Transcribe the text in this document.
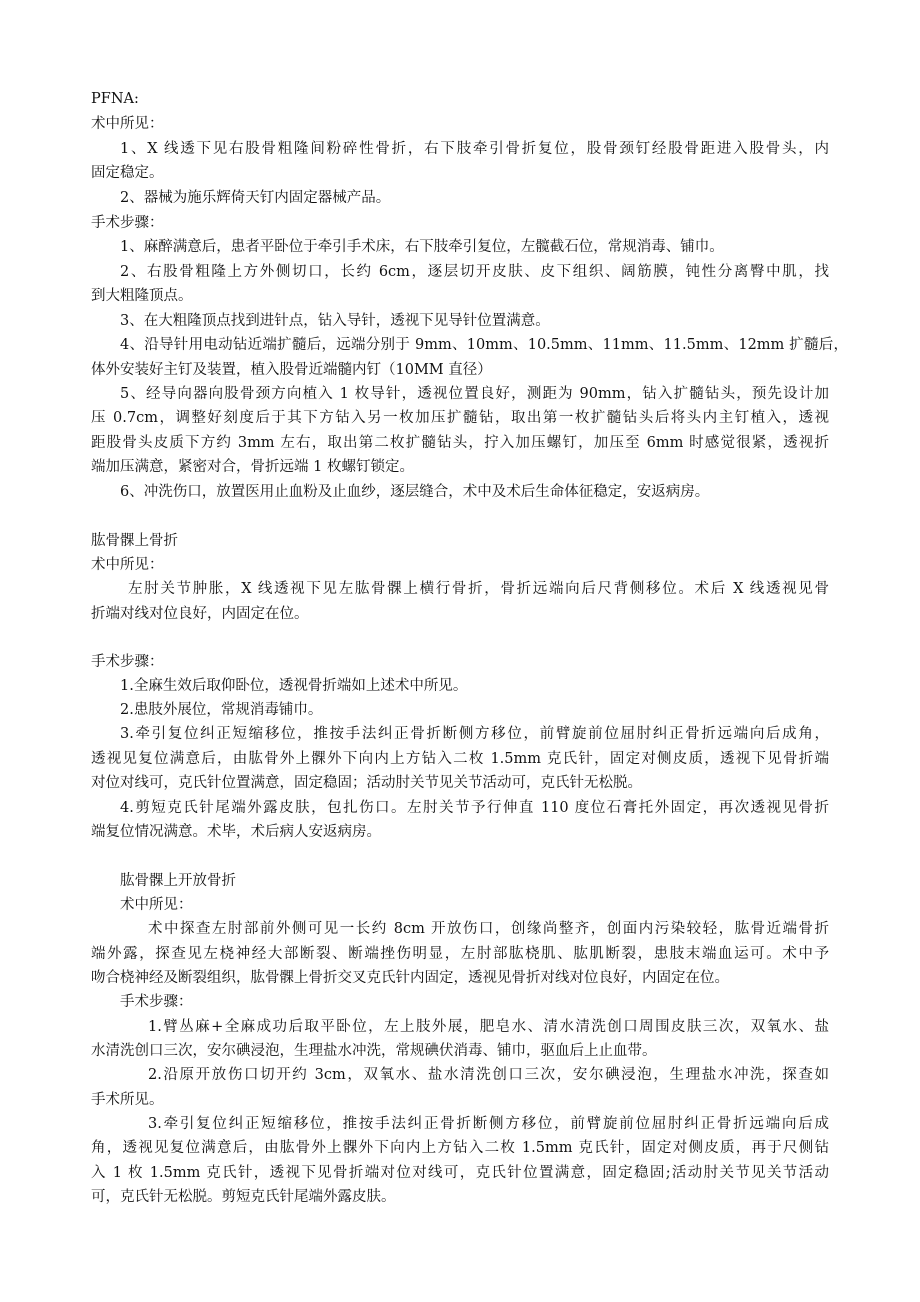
PFNA:
术中所见：
1、X 线透下见右股骨粗隆间粉碎性骨折，右下肢牵引骨折复位，股骨颈钉经股骨距进入股骨头，内
固定稳定。
2、器械为施乐辉倚天钉内固定器械产品。
手术步骤：
1、麻醉满意后，患者平卧位于牵引手术床，右下肢牵引复位，左髋截石位，常规消毒、铺巾。
2、右股骨粗隆上方外侧切口，长约 6cm，逐层切开皮肤、皮下组织、阔筋膜，钝性分离臀中肌，找
到大粗隆顶点。
3、在大粗隆顶点找到进针点，钻入导针，透视下见导针位置满意。
4、沿导针用电动钻近端扩髓后，远端分别于 9mm、10mm、10.5mm、11mm、11.5mm、12mm 扩髓后，
体外安装好主钉及装置，植入股骨近端髓内钉（10MM 直径）
5、经导向器向股骨颈方向植入 1 枚导针，透视位置良好，测距为 90mm，钻入扩髓钻头，预先设计加
压 0.7cm，调整好刻度后于其下方钻入另一枚加压扩髓钻，取出第一枚扩髓钻头后将头内主钉植入，透视
距股骨头皮质下方约 3mm 左右，取出第二枚扩髓钻头，拧入加压螺钉，加压至 6mm 时感觉很紧，透视折
端加压满意，紧密对合，骨折远端 1 枚螺钉锁定。
6、冲洗伤口，放置医用止血粉及止血纱，逐层缝合，术中及术后生命体征稳定，安返病房。
肱骨髁上骨折
术中所见：
左肘关节肿胀，X 线透视下见左肱骨髁上横行骨折，骨折远端向后尺背侧移位。术后 X 线透视见骨
折端对线对位良好，内固定在位。
手术步骤：
1.全麻生效后取仰卧位，透视骨折端如上述术中所见。
2.患肢外展位，常规消毒铺巾。
3.牵引复位纠正短缩移位，推按手法纠正骨折断侧方移位，前臂旋前位屈肘纠正骨折远端向后成角，
透视见复位满意后，由肱骨外上髁外下向内上方钻入二枚 1.5mm 克氏针，固定对侧皮质，透视下见骨折端
对位对线可，克氏针位置满意，固定稳固；活动肘关节见关节活动可，克氏针无松脱。
4.剪短克氏针尾端外露皮肤，包扎伤口。左肘关节予行伸直 110 度位石膏托外固定，再次透视见骨折
端复位情况满意。术毕，术后病人安返病房。
肱骨髁上开放骨折
术中所见：
术中探查左肘部前外侧可见一长约 8cm 开放伤口，创缘尚整齐，创面内污染较轻，肱骨近端骨折
端外露，探查见左桡神经大部断裂、断端挫伤明显，左肘部肱桡肌、肱肌断裂，患肢末端血运可。术中予
吻合桡神经及断裂组织，肱骨髁上骨折交叉克氏针内固定，透视见骨折对线对位良好，内固定在位。
手术步骤：
1.臂丛麻+全麻成功后取平卧位，左上肢外展，肥皂水、清水清洗创口周围皮肤三次，双氧水、盐
水清洗创口三次，安尔碘浸泡，生理盐水冲洗，常规碘伏消毒、铺巾，驱血后上止血带。
2.沿原开放伤口切开约 3cm，双氧水、盐水清洗创口三次，安尔碘浸泡，生理盐水冲洗，探查如
手术所见。
3.牵引复位纠正短缩移位，推按手法纠正骨折断侧方移位，前臂旋前位屈肘纠正骨折远端向后成
角，透视见复位满意后，由肱骨外上髁外下向内上方钻入二枚 1.5mm 克氏针，固定对侧皮质，再于尺侧钻
入 1 枚 1.5mm 克氏针，透视下见骨折端对位对线可，克氏针位置满意，固定稳固;活动肘关节见关节活动
可，克氏针无松脱。剪短克氏针尾端外露皮肤。
